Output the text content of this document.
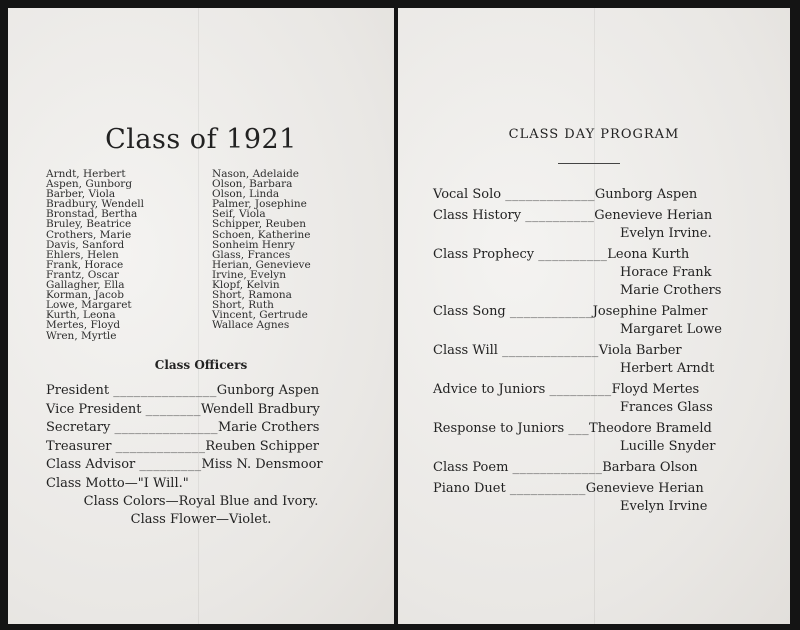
Class of 1921
Arndt, Herbert
Aspen, Gunborg
Barber, Viola
Bradbury, Wendell
Bronstad, Bertha
Bruley, Beatrice
Crothers, Marie
Davis, Sanford
Ehlers, Helen
Frank, Horace
Frantz, Oscar
Gallagher, Ella
Korman, Jacob
Lowe, Margaret
Kurth, Leona
Mertes, Floyd
Wren, Myrtle
Nason, Adelaide
Olson, Barbara
Olson, Linda
Palmer, Josephine
Seif, Viola
Schipper, Reuben
Schoen, Katherine
Sonheim Henry
Glass, Frances
Herian, Genevieve
Irvine, Evelyn
Klopf, Kelvin
Short, Ramona
Short, Ruth
Vincent, Gertrude
Wallace Agnes
Class Officers
President _______________Gunborg Aspen
Vice President ________Wendell Bradbury
Secretary _______________Marie Crothers
Treasurer _____________Reuben Schipper
Class Advisor _________Miss N. Densmoor
Class Motto—"I Will."
Class Colors—Royal Blue and Ivory.
Class Flower—Violet.
CLASS DAY PROGRAM
Vocal Solo _____________Gunborg Aspen
Class History __________Genevieve Herian
Evelyn Irvine.
Class Prophecy __________Leona Kurth
Horace Frank
Marie Crothers
Class Song ____________Josephine Palmer
Margaret Lowe
Class Will ______________Viola Barber
Herbert Arndt
Advice to Juniors _________Floyd Mertes
Frances Glass
Response to Juniors ___Theodore Brameld
Lucille Snyder
Class Poem _____________Barbara Olson
Piano Duet ___________Genevieve Herian
Evelyn Irvine
